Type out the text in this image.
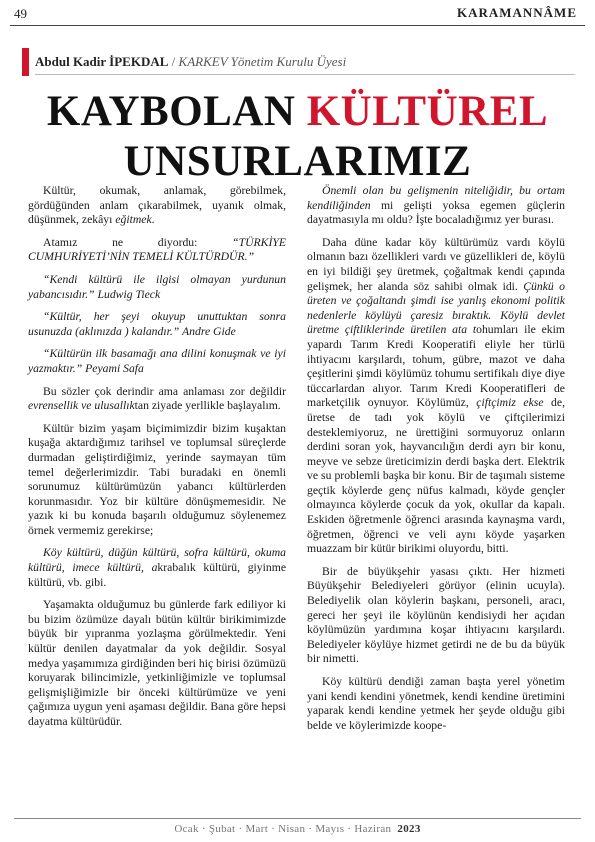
49	KARAMANNÂME
Abdul Kadir İPEKDAL / KARKEV Yönetim Kurulu Üyesi
KAYBOLAN KÜLTÜREL
UNSURLARIMIZ

Kültür, okumak, anlamak, görebilmek, gördüğünden anlam çıkarabilmek, uyanık olmak, düşünmek, zekâyı eğitmek.

Atamız ne diyordu: “TÜRKİYE CUMHURİYETİ’NİN TEMELİ KÜLTÜRDÜR.”

“Kendi kültürü ile ilgisi olmayan yurdunun yabancısıdır.” Ludwig Tieck

“Kültür, her şeyi okuyup unuttuktan sonra usunuzda (aklınızda ) kalandır.” Andre Gide

“Kültürün ilk basamağı ana dilini konuşmak ve iyi yazmaktır.” Peyami Safa

Bu sözler çok derindir ama anlaması zor değildir evrensellik ve ulusallıktan ziyade yerllikle başlayalım.

Kültür bizim yaşam biçimimizdir bizim kuşaktan kuşağa aktardığımız tarihsel ve toplumsal süreçlerde durmadan geliştirdiğimiz, yerinde saymayan tüm temel değerlerimizdir. Tabi buradaki en önemli sorunumuz kültürümüzün yabancı kültürlerden korunmasıdır. Yoz bir kültüre dönüşmemesidir. Ne yazık ki bu konuda başarılı olduğumuz söylenemez örnek vermemiz gerekirse;

Köy kültürü, düğün kültürü, sofra kültürü, okuma kültürü, imece kültürü, akrabalık kültürü, giyinme kültürü, vb. gibi.

Yaşamakta olduğumuz bu günlerde fark ediliyor ki bu bizim özümüze dayalı bütün kültür birikimimizde büyük bir yıpranma yozlaşma görülmektedir. Yeni kültür denilen dayatmalar da yok değildir. Sosyal medya yaşamımıza girdiğinden beri hiç birisi özümüzü koruyarak bilincimizle, yetkinliğimizle ve toplumsal gelişmişliğimizle bir önceki kültürümüze ve yeni çağımıza uygun yeni aşaması değildir. Bana göre hepsi dayatma kültürüdür.

Önemli olan bu gelişmenin niteliğidir, bu ortam kendiliğinden mi gelişti yoksa egemen güçlerin dayatmasıyla mı oldu? İşte bocaladığımız yer burası.

Daha düne kadar köy kültürümüz vardı köylü olmanın bazı özellikleri vardı ve güzellikleri de, köylü en iyi bildiği şey üretmek, çoğaltmak kendi çapında gelişmek, her alanda söz sahibi olmak idi. Çünkü o üreten ve çoğaltandı şimdi ise yanlış ekonomi politik nedenlerle köylüyü çaresiz bıraktık. Köylü devlet üretme çiftliklerinde üretilen ata tohumları ile ekim yapardı Tarım Kredi Kooperatifi eliyle her türlü ihtiyacını karşılardı, tohum, gübre, mazot ve daha çeşitlerini şimdi köylümüz tohumu sertifikalı diye diye tüccarlardan alıyor. Tarım Kredi Kooperatifleri de marketçilik oynuyor. Köylümüz, çiftçimiz ekse de, üretse de tadı yok köylü ve çiftçilerimizi desteklemiyoruz, ne ürettiğini sormuyoruz onların derdini soran yok, hayvancılığın derdi ayrı bir konu, meyve ve sebze üreticimizin derdi başka dert. Elektrik ve su problemli başka bir konu. Bir de taşımalı sisteme geçtik köylerde genç nüfus kalmadı, köyde gençler olmayınca köylerde çocuk da yok, okullar da kapalı. Eskiden öğretmenle öğrenci arasında kaynaşma vardı, öğretmen, öğrenci ve veli aynı köyde yaşarken muazzam bir kütür birikimi oluyordu, bitti.

Bir de büyükşehir yasası çıktı. Her hizmeti Büyükşehir Belediyeleri görüyor (elinin ucuyla). Belediyelik olan köylerin başkanı, personeli, aracı, gereci her şeyi ile köylünün kendisiydi her açıdan köylümüzün yardımına koşar ihtiyacını karşılardı. Belediyeler köylüye hizmet getirdi ne de bu da büyük bir nimetti.

Köy kültürü dendiği zaman başta yerel yönetim yani kendi kendini yönetmek, kendi kendine üretimini yaparak kendi kendine yetmek her şeyde olduğu gibi belde ve köylerimizde koope-

Ocak · Şubat · Mart · Nisan · Mayıs · Haziran 2023
